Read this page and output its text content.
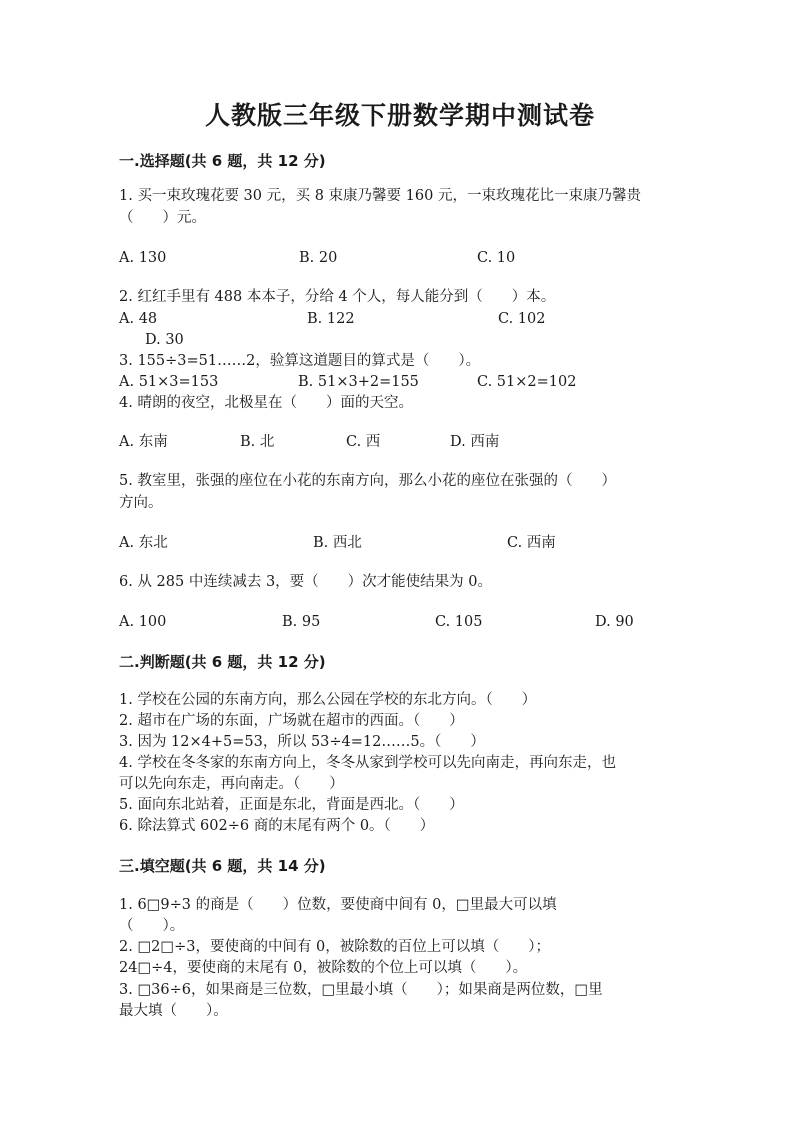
人教版三年级下册数学期中测试卷
一.选择题(共 6 题，共 12 分)
1. 买一束玫瑰花要 30 元，买 8 束康乃馨要 160 元，一束玫瑰花比一束康乃馨贵
（　　）元。
A. 130	B. 20	C. 10
2. 红红手里有 488 本本子，分给 4 个人，每人能分到（　　）本。
A. 48	B. 122	C. 102
D. 30
3. 155÷3=51……2，验算这道题目的算式是（　　）。
A. 51×3=153	B. 51×3+2=155	C. 51×2=102
4. 晴朗的夜空，北极星在（　　）面的天空。
A. 东南	B. 北	C. 西	D. 西南
5. 教室里，张强的座位在小花的东南方向，那么小花的座位在张强的（　　）
方向。
A. 东北	B. 西北	C. 西南
6. 从 285 中连续减去 3，要（　　）次才能使结果为 0。
A. 100	B. 95	C. 105	D. 90
二.判断题(共 6 题，共 12 分)
1. 学校在公园的东南方向，那么公园在学校的东北方向。（　　）
2. 超市在广场的东面，广场就在超市的西面。（　　）
3. 因为 12×4+5=53，所以 53÷4=12……5。（　　）
4. 学校在冬冬家的东南方向上，冬冬从家到学校可以先向南走，再向东走，也
可以先向东走，再向南走。（　　）
5. 面向东北站着，正面是东北，背面是西北。（　　）
6. 除法算式 602÷6 商的末尾有两个 0。（　　）
三.填空题(共 6 题，共 14 分)
1. 6□9÷3 的商是（　　）位数，要使商中间有 0，□里最大可以填
（　　）。
2. □2□÷3，要使商的中间有 0，被除数的百位上可以填（　　）；
24□÷4，要使商的末尾有 0，被除数的个位上可以填（　　）。
3. □36÷6，如果商是三位数，□里最小填（　　）；如果商是两位数，□里
最大填（　　）。
